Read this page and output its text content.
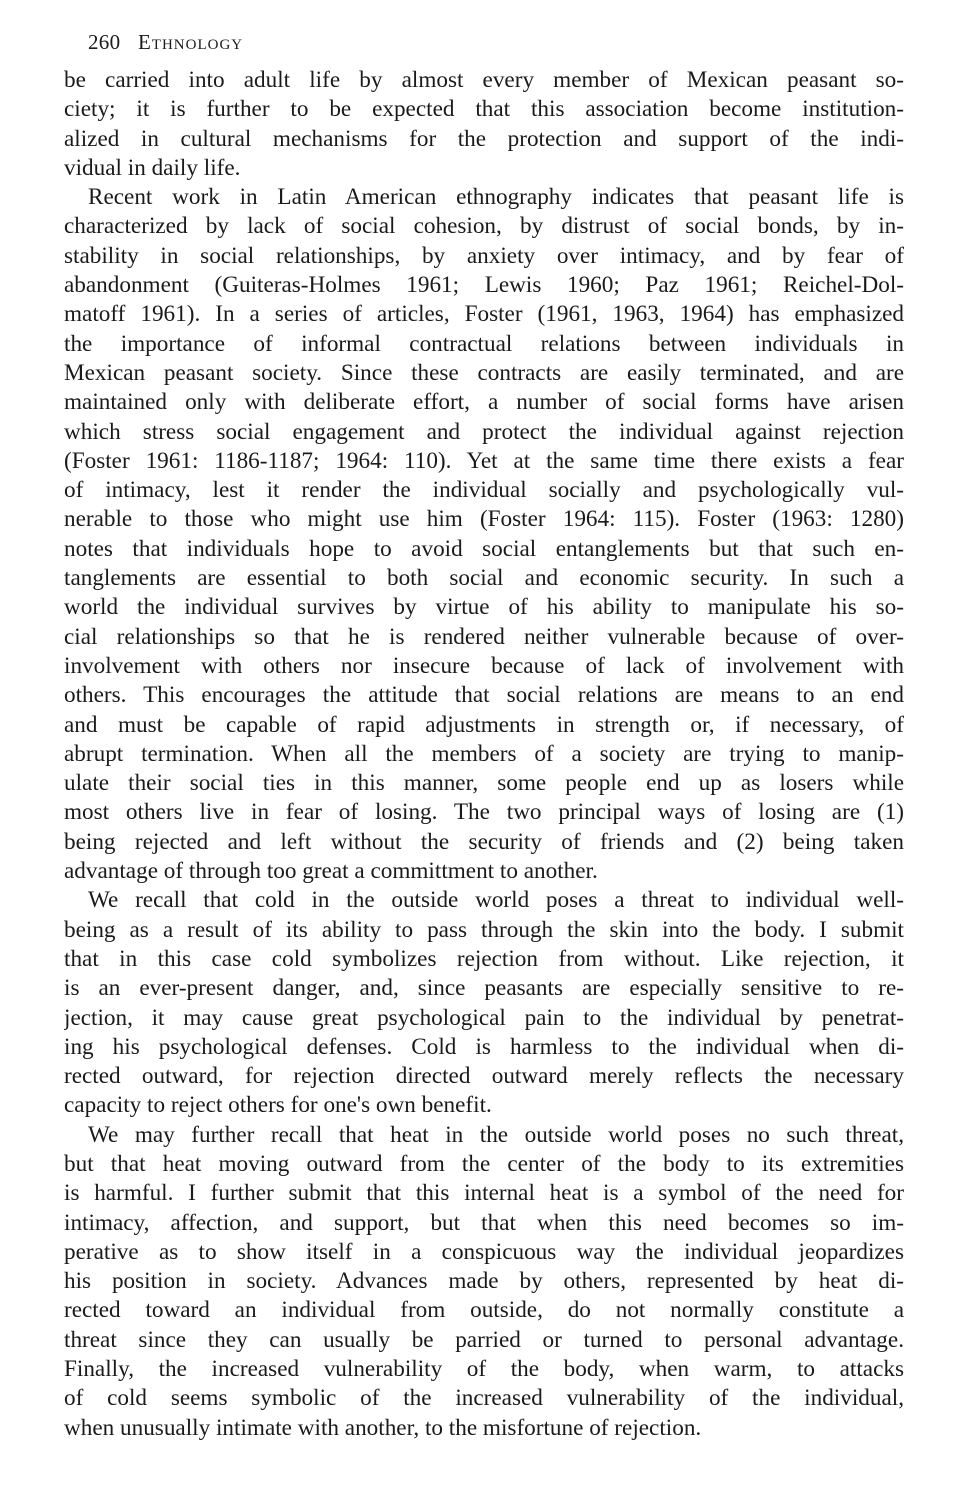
260 Ethnology

be carried into adult life by almost every member of Mexican peasant so-
ciety; it is further to be expected that this association become institution-
alized in cultural mechanisms for the protection and support of the indi-
vidual in daily life.

Recent work in Latin American ethnography indicates that peasant life is
characterized by lack of social cohesion, by distrust of social bonds, by in-
stability in social relationships, by anxiety over intimacy, and by fear of
abandonment (Guiteras-Holmes 1961; Lewis 1960; Paz 1961; Reichel-Dol-
matoff 1961). In a series of articles, Foster (1961, 1963, 1964) has emphasized
the importance of informal contractual relations between individuals in
Mexican peasant society. Since these contracts are easily terminated, and are
maintained only with deliberate effort, a number of social forms have arisen
which stress social engagement and protect the individual against rejection
(Foster 1961: 1186-1187; 1964: 110). Yet at the same time there exists a fear
of intimacy, lest it render the individual socially and psychologically vul-
nerable to those who might use him (Foster 1964: 115). Foster (1963: 1280)
notes that individuals hope to avoid social entanglements but that such en-
tanglements are essential to both social and economic security. In such a
world the individual survives by virtue of his ability to manipulate his so-
cial relationships so that he is rendered neither vulnerable because of over-
involvement with others nor insecure because of lack of involvement with
others. This encourages the attitude that social relations are means to an end
and must be capable of rapid adjustments in strength or, if necessary, of
abrupt termination. When all the members of a society are trying to manip-
ulate their social ties in this manner, some people end up as losers while
most others live in fear of losing. The two principal ways of losing are (1)
being rejected and left without the security of friends and (2) being taken
advantage of through too great a committment to another.

We recall that cold in the outside world poses a threat to individual well-
being as a result of its ability to pass through the skin into the body. I submit
that in this case cold symbolizes rejection from without. Like rejection, it
is an ever-present danger, and, since peasants are especially sensitive to re-
jection, it may cause great psychological pain to the individual by penetrat-
ing his psychological defenses. Cold is harmless to the individual when di-
rected outward, for rejection directed outward merely reflects the necessary
capacity to reject others for one's own benefit.

We may further recall that heat in the outside world poses no such threat,
but that heat moving outward from the center of the body to its extremities
is harmful. I further submit that this internal heat is a symbol of the need for
intimacy, affection, and support, but that when this need becomes so im-
perative as to show itself in a conspicuous way the individual jeopardizes
his position in society. Advances made by others, represented by heat di-
rected toward an individual from outside, do not normally constitute a
threat since they can usually be parried or turned to personal advantage.
Finally, the increased vulnerability of the body, when warm, to attacks
of cold seems symbolic of the increased vulnerability of the individual,
when unusually intimate with another, to the misfortune of rejection.
